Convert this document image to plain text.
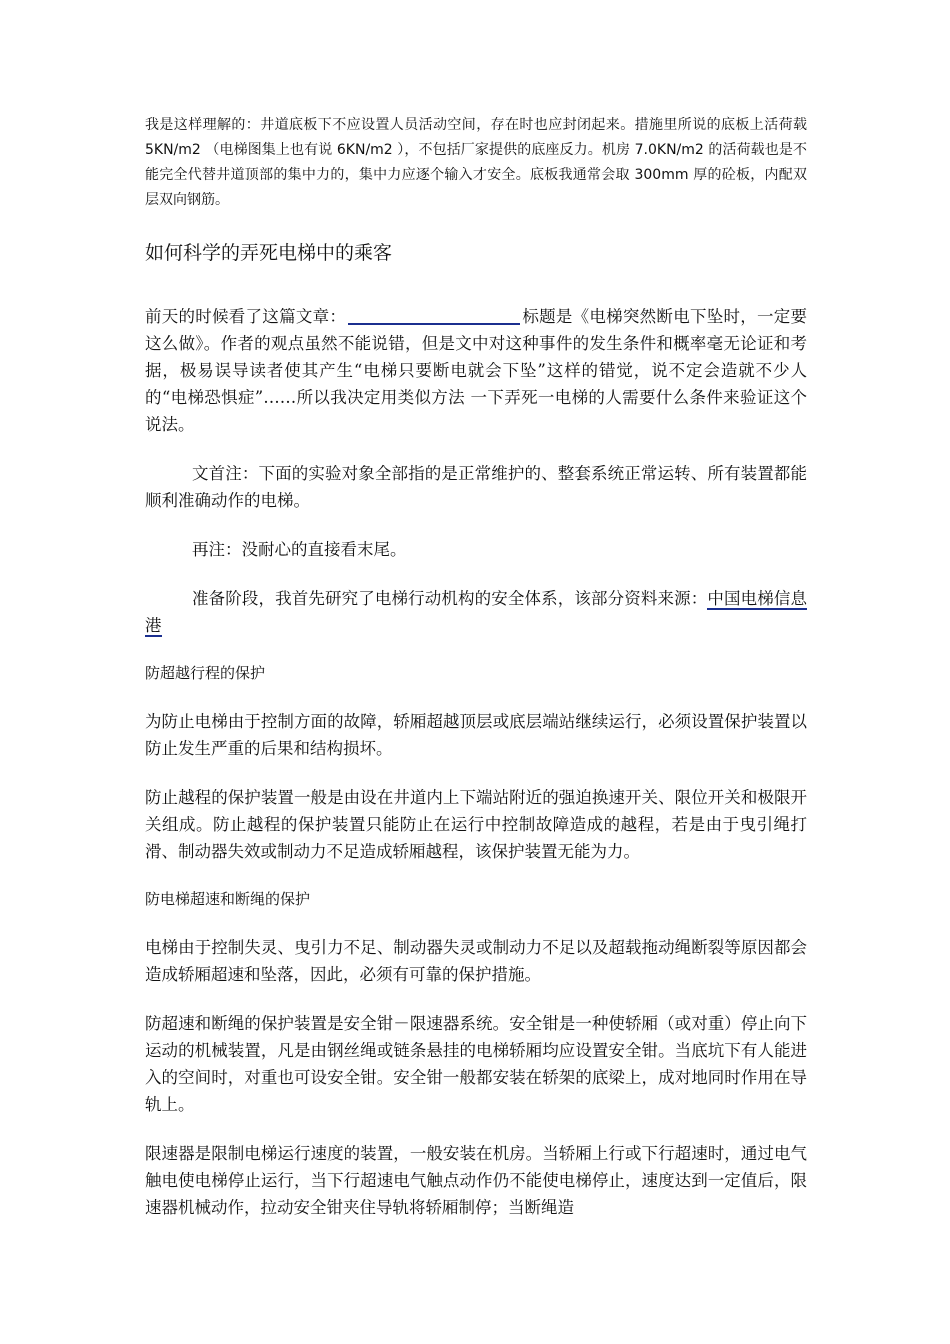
我是这样理解的：井道底板下不应设置人员活动空间，存在时也应封闭起来。措施里所说的底板上活荷载 5KN/m2 （电梯图集上也有说 6KN/m2 ），不包括厂家提供的底座反力。机房 7.0KN/m2 的活荷载也是不能完全代替井道顶部的集中力的，集中力应逐个输入才安全。底板我通常会取 300mm 厚的砼板，内配双层双向钢筋。

如何科学的弄死电梯中的乘客

前天的时候看了这篇文章：	标题是《电梯突然断电下坠时，一定要这么做》。作者的观点虽然不能说错，但是文中对这种事件的发生条件和概率毫无论证和考据，极易误导读者使其产生“电梯只要断电就会下坠”这样的错觉，说不定会造就不少人的“电梯恐惧症”……所以我决定用类似方法 一下弄死一电梯的人需要什么条件来验证这个说法。

文首注：下面的实验对象全部指的是正常维护的、整套系统正常运转、所有装置都能顺利准确动作的电梯。

再注：没耐心的直接看末尾。

准备阶段，我首先研究了电梯行动机构的安全体系，该部分资料来源：中国电梯信息港

防超越行程的保护

为防止电梯由于控制方面的故障，轿厢超越顶层或底层端站继续运行，必须设置保护装置以防止发生严重的后果和结构损坏。

防止越程的保护装置一般是由设在井道内上下端站附近的强迫换速开关、限位开关和极限开关组成。防止越程的保护装置只能防止在运行中控制故障造成的越程，若是由于曳引绳打滑、制动器失效或制动力不足造成轿厢越程，该保护装置无能为力。

防电梯超速和断绳的保护

电梯由于控制失灵、曳引力不足、制动器失灵或制动力不足以及超载拖动绳断裂等原因都会造成轿厢超速和坠落，因此，必须有可靠的保护措施。

防超速和断绳的保护装置是安全钳－限速器系统。安全钳是一种使轿厢（或对重）停止向下运动的机械装置，凡是由钢丝绳或链条悬挂的电梯轿厢均应设置安全钳。当底坑下有人能进入的空间时，对重也可设安全钳。安全钳一般都安装在轿架的底梁上，成对地同时作用在导轨上。

限速器是限制电梯运行速度的装置，一般安装在机房。当轿厢上行或下行超速时，通过电气触电使电梯停止运行，当下行超速电气触点动作仍不能使电梯停止，速度达到一定值后，限速器机械动作，拉动安全钳夹住导轨将轿厢制停；当断绳造
